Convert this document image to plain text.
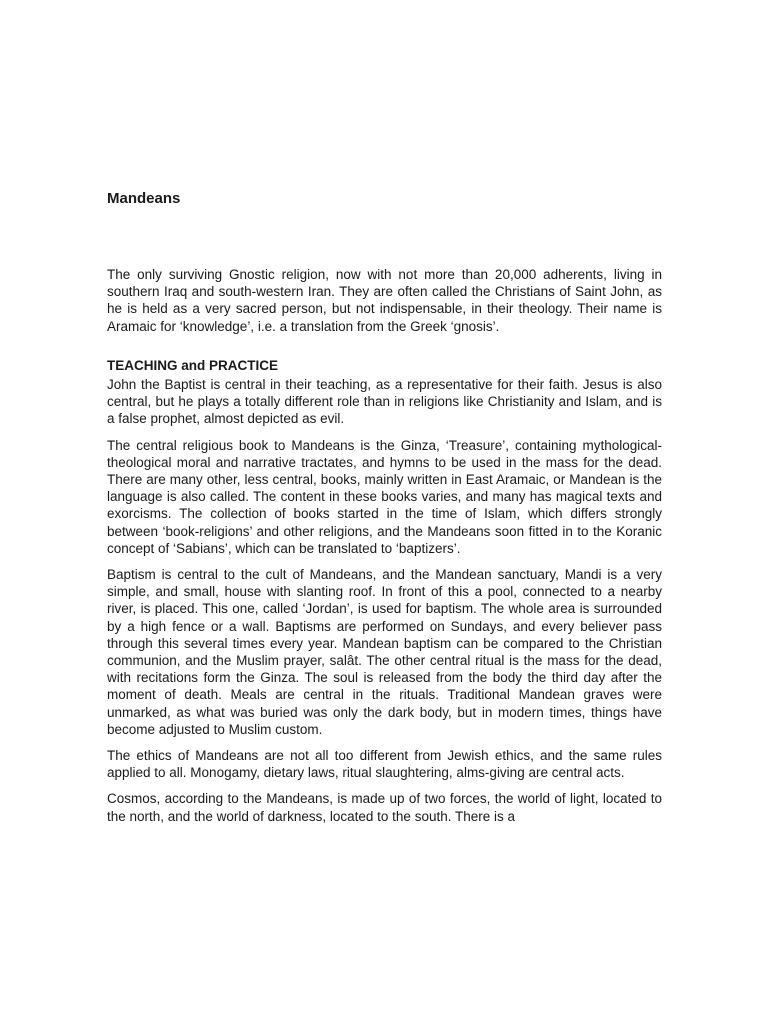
Mandeans

The only surviving Gnostic religion, now with not more than 20,000 adherents, living in southern Iraq and south-western Iran. They are often called the Christians of Saint John, as he is held as a very sacred person, but not indispensable, in their theology. Their name is Aramaic for ‘knowledge’, i.e. a translation from the Greek ‘gnosis’.

TEACHING and PRACTICE

John the Baptist is central in their teaching, as a representative for their faith. Jesus is also central, but he plays a totally different role than in religions like Christianity and Islam, and is a false prophet, almost depicted as evil.

The central religious book to Mandeans is the Ginza, ‘Treasure’, containing mythological- theological moral and narrative tractates, and hymns to be used in the mass for the dead. There are many other, less central, books, mainly written in East Aramaic, or Mandean is the language is also called. The content in these books varies, and many has magical texts and exorcisms. The collection of books started in the time of Islam, which differs strongly between ‘book-religions’ and other religions, and the Mandeans soon fitted in to the Koranic concept of ‘Sabians’, which can be translated to ‘baptizers’.

Baptism is central to the cult of Mandeans, and the Mandean sanctuary, Mandi is a very simple, and small, house with slanting roof. In front of this a pool, connected to a nearby river, is placed. This one, called ‘Jordan’, is used for baptism. The whole area is surrounded by a high fence or a wall. Baptisms are performed on Sundays, and every believer pass through this several times every year. Mandean baptism can be compared to the Christian communion, and the Muslim prayer, salât. The other central ritual is the mass for the dead, with recitations form the Ginza. The soul is released from the body the third day after the moment of death. Meals are central in the rituals. Traditional Mandean graves were unmarked, as what was buried was only the dark body, but in modern times, things have become adjusted to Muslim custom.

The ethics of Mandeans are not all too different from Jewish ethics, and the same rules applied to all. Monogamy, dietary laws, ritual slaughtering, alms-giving are central acts.

Cosmos, according to the Mandeans, is made up of two forces, the world of light, located to the north, and the world of darkness, located to the south. There is a
